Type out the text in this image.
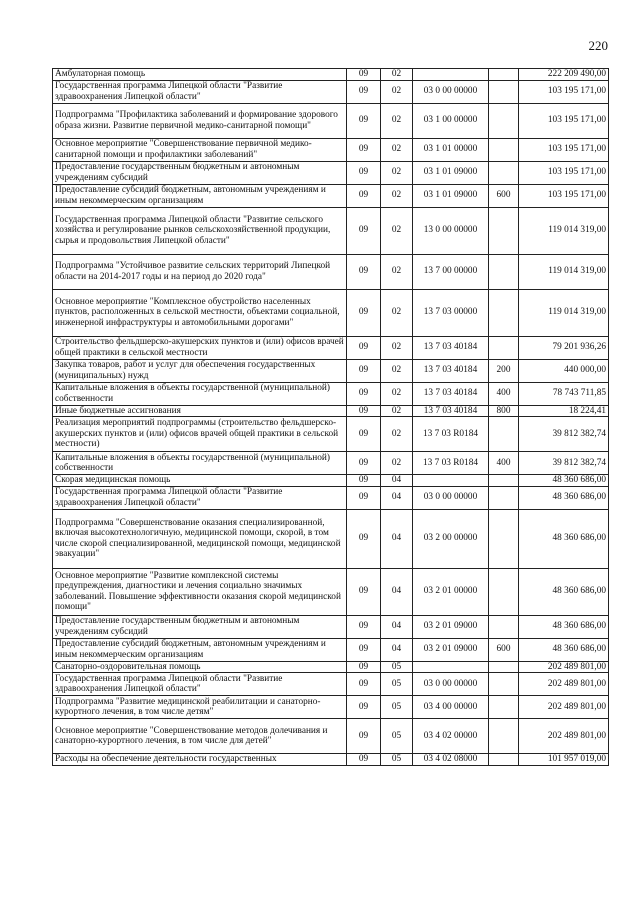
220
Амбулаторная помощь	09	02			222 209 490,00
Государственная программа Липецкой области "Развитие здравоохранения Липецкой области"	09	02	03 0 00 00000		103 195 171,00
Подпрограмма "Профилактика заболеваний и формирование здорового образа жизни. Развитие первичной медико-санитарной помощи"	09	02	03 1 00 00000		103 195 171,00
Основное мероприятие "Совершенствование первичной медико-санитарной помощи и профилактики заболеваний"	09	02	03 1 01 00000		103 195 171,00
Предоставление государственным бюджетным и автономным учреждениям субсидий	09	02	03 1 01 09000		103 195 171,00
Предоставление субсидий бюджетным, автономным учреждениям и иным некоммерческим организациям	09	02	03 1 01 09000	600	103 195 171,00
Государственная программа Липецкой области "Развитие сельского хозяйства и регулирование рынков сельскохозяйственной продукции, сырья и продовольствия Липецкой области"	09	02	13 0 00 00000		119 014 319,00
Подпрограмма "Устойчивое развитие сельских территорий Липецкой области на 2014-2017 годы и на период до 2020 года"	09	02	13 7 00 00000		119 014 319,00
Основное мероприятие "Комплексное обустройство населенных пунктов, расположенных в сельской местности, объектами социальной, инженерной инфраструктуры и автомобильными дорогами"	09	02	13 7 03 00000		119 014 319,00
Строительство фельдшерско-акушерских пунктов и (или) офисов врачей общей практики в сельской местности	09	02	13 7 03 40184		79 201 936,26
Закупка товаров, работ и услуг для обеспечения государственных (муниципальных) нужд	09	02	13 7 03 40184	200	440 000,00
Капитальные вложения в объекты государственной (муниципальной) собственности	09	02	13 7 03 40184	400	78 743 711,85
Иные бюджетные ассигнования	09	02	13 7 03 40184	800	18 224,41
Реализация мероприятий подпрограммы (строительство фельдшерско-акушерских пунктов и (или) офисов врачей общей практики в сельской местности)	09	02	13 7 03 R0184		39 812 382,74
Капитальные вложения в объекты государственной (муниципальной) собственности	09	02	13 7 03 R0184	400	39 812 382,74
Скорая медицинская помощь	09	04			48 360 686,00
Государственная программа Липецкой области "Развитие здравоохранения Липецкой области"	09	04	03 0 00 00000		48 360 686,00
Подпрограмма "Совершенствование оказания специализированной, включая высокотехнологичную, медицинской помощи, скорой, в том числе скорой специализированной, медицинской помощи, медицинской эвакуации"	09	04	03 2 00 00000		48 360 686,00
Основное мероприятие "Развитие комплексной системы предупреждения, диагностики и лечения социально значимых заболеваний. Повышение эффективности оказания скорой медицинской помощи"	09	04	03 2 01 00000		48 360 686,00
Предоставление государственным бюджетным и автономным учреждениям субсидий	09	04	03 2 01 09000		48 360 686,00
Предоставление субсидий бюджетным, автономным учреждениям и иным некоммерческим организациям	09	04	03 2 01 09000	600	48 360 686,00
Санаторно-оздоровительная помощь	09	05			202 489 801,00
Государственная программа Липецкой области "Развитие здравоохранения Липецкой области"	09	05	03 0 00 00000		202 489 801,00
Подпрограмма "Развитие медицинской реабилитации и санаторно-курортного лечения, в том числе детям"	09	05	03 4 00 00000		202 489 801,00
Основное мероприятие "Совершенствование методов долечивания и санаторно-курортного лечения, в том числе для детей"	09	05	03 4 02 00000		202 489 801,00
Расходы на обеспечение деятельности государственных	09	05	03 4 02 08000		101 957 019,00
